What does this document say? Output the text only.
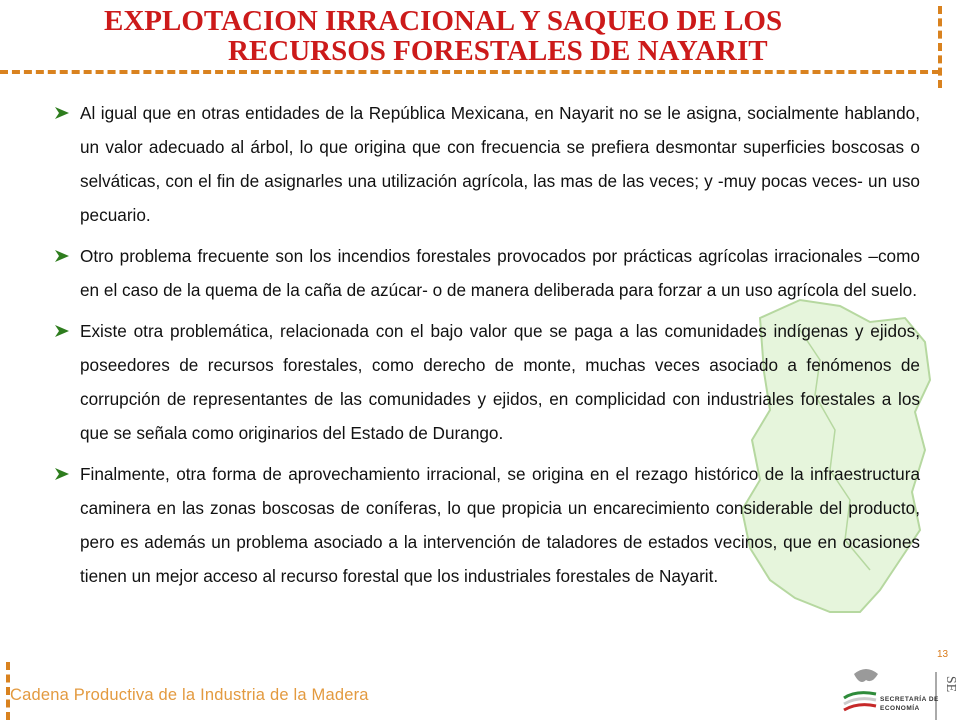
EXPLOTACION IRRACIONAL Y SAQUEO DE LOS
RECURSOS FORESTALES DE NAYARIT
Al igual que en otras entidades de la República Mexicana, en Nayarit no se le asigna, socialmente hablando, un valor adecuado al árbol, lo que origina que con frecuencia se prefiera desmontar superficies boscosas o selváticas, con el fin de asignarles una utilización agrícola, las mas de las veces; y -muy pocas veces- un uso pecuario.
Otro problema frecuente son los incendios forestales provocados por prácticas agrícolas irracionales –como en el caso de la quema de la caña de azúcar- o de manera deliberada para forzar a un uso agrícola del suelo.
Existe otra problemática, relacionada con el bajo valor que se paga a las comunidades indígenas y ejidos, poseedores de recursos forestales, como derecho de monte, muchas veces asociado a fenómenos de corrupción de representantes de las comunidades y ejidos, en complicidad con industriales forestales a los que se señala como originarios del Estado de Durango.
Finalmente, otra forma de aprovechamiento irracional, se origina en el rezago histórico de la infraestructura caminera en las zonas boscosas de coníferas, lo que propicia un encarecimiento considerable del producto, pero es además un problema asociado a la intervención de taladores de estados vecinos, que en ocasiones tienen un mejor acceso al recurso forestal que los industriales forestales de Nayarit.
Cadena Productiva de la Industria de la Madera
13
SECRETARÍA DE
ECONOMÍA
SE
